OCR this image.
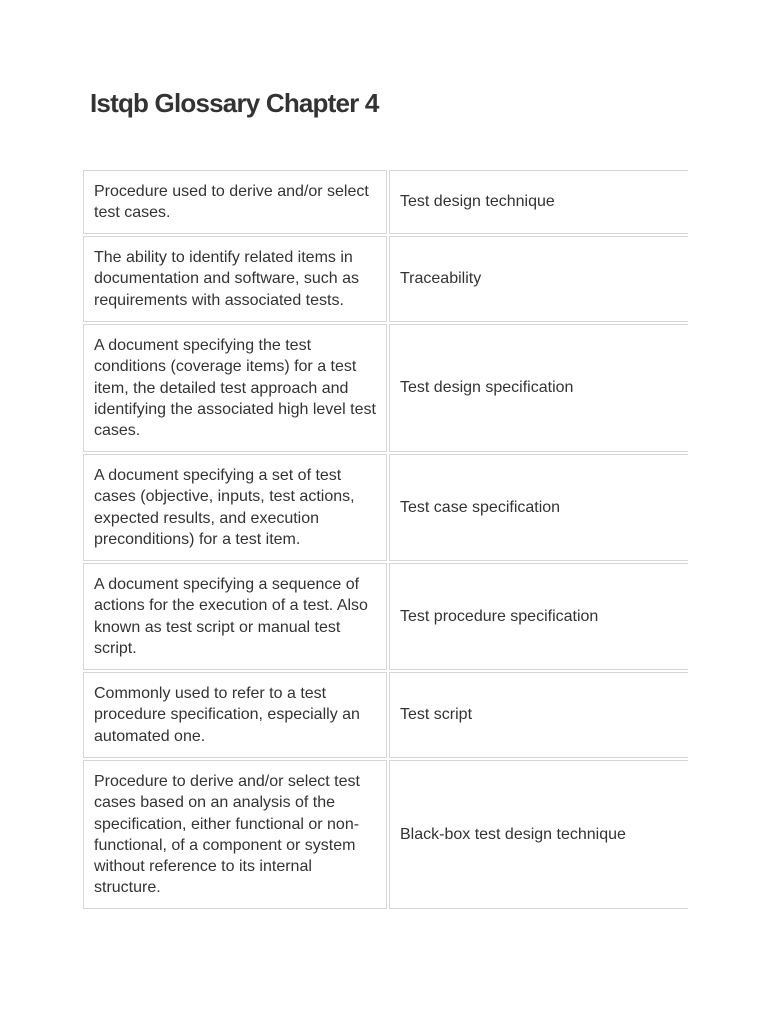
Istqb Glossary Chapter 4
Procedure used to derive and/or select test cases.
Test design technique
The ability to identify related items in documentation and software, such as requirements with associated tests.
Traceability
A document specifying the test conditions (coverage items) for a test item, the detailed test approach and identifying the associated high level test cases.
Test design specification
A document specifying a set of test cases (objective, inputs, test actions, expected results, and execution preconditions) for a test item.
Test case specification
A document specifying a sequence of actions for the execution of a test. Also known as test script or manual test script.
Test procedure specification
Commonly used to refer to a test procedure specification, especially an automated one.
Test script
Procedure to derive and/or select test cases based on an analysis of the specification, either functional or non-functional, of a component or system without reference to its internal structure.
Black-box test design technique
